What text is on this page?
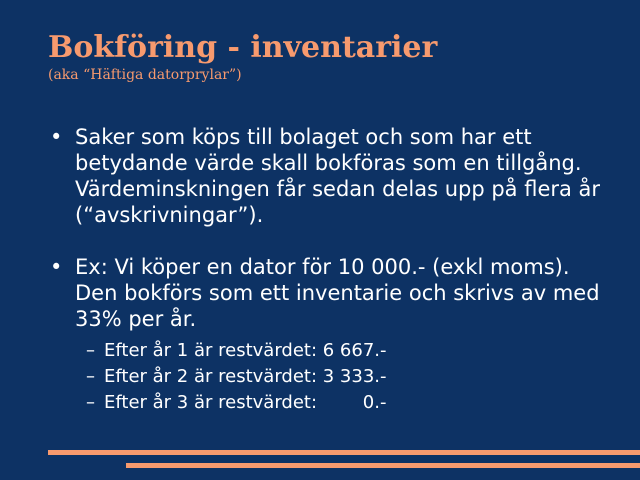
Bokföring - inventarier

(aka “Häftiga datorprylar”)

• Saker som köps till bolaget och som har ett betydande värde skall bokföras som en tillgång. Värdeminskningen får sedan delas upp på flera år (“avskrivningar”).
• Ex: Vi köper en dator för 10 000.- (exkl moms). Den bokförs som ett inventarie och skrivs av med 33% per år.
– Efter år 1 är restvärdet: 6 667.-
– Efter år 2 är restvärdet: 3 333.-
– Efter år 3 är restvärdet:        0.-
